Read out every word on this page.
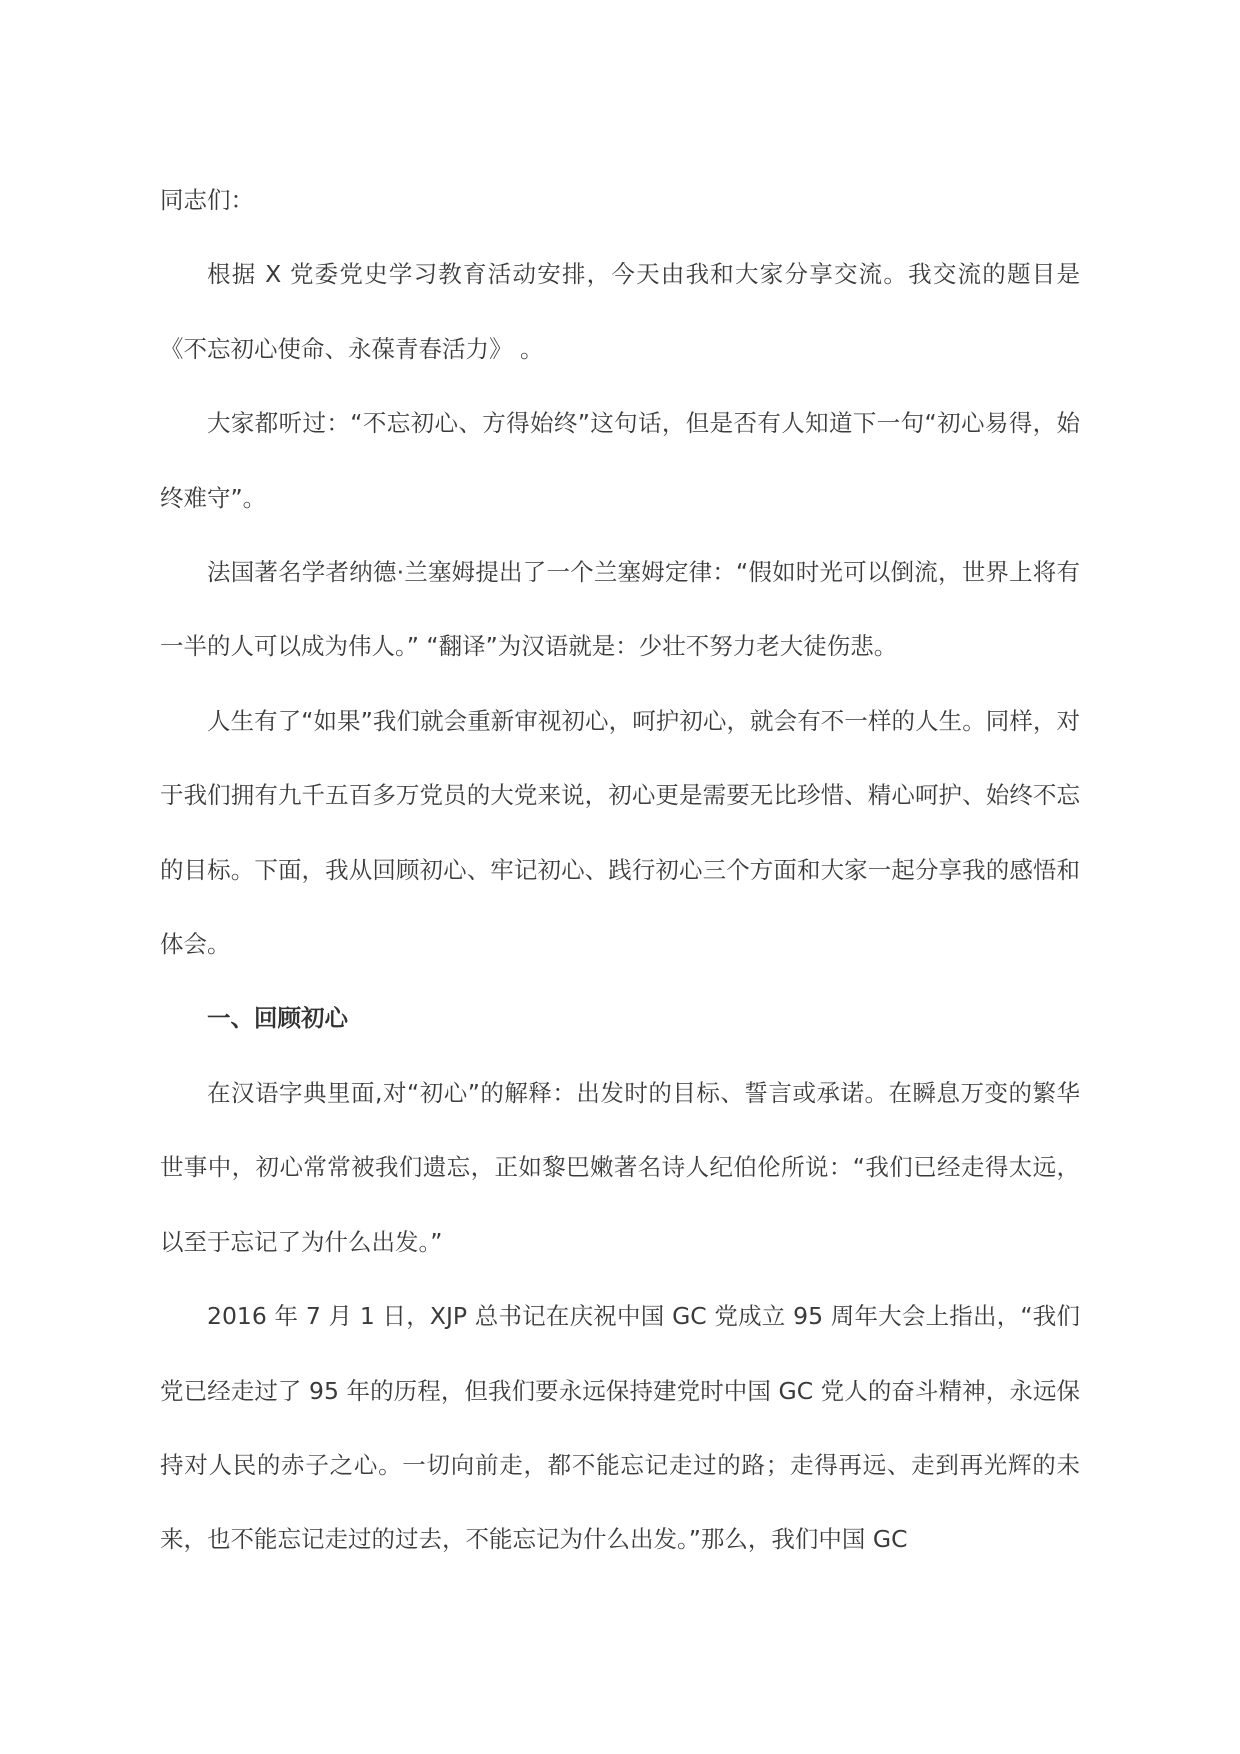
同志们：

根据 X 党委党史学习教育活动安排，今天由我和大家分享交流。我交流的题目是《不忘初心使命、永葆青春活力》 。

大家都听过：“不忘初心、方得始终”这句话，但是否有人知道下一句“初心易得，始终难守”。

法国著名学者纳德·兰塞姆提出了一个兰塞姆定律：“假如时光可以倒流，世界上将有一半的人可以成为伟人。” “翻译”为汉语就是：少壮不努力老大徒伤悲。

人生有了“如果”我们就会重新审视初心，呵护初心，就会有不一样的人生。同样，对于我们拥有九千五百多万党员的大党来说，初心更是需要无比珍惜、精心呵护、始终不忘的目标。下面，我从回顾初心、牢记初心、践行初心三个方面和大家一起分享我的感悟和体会。

一、回顾初心

在汉语字典里面,对“初心”的解释：出发时的目标、誓言或承诺。在瞬息万变的繁华世事中，初心常常被我们遗忘，正如黎巴嫩著名诗人纪伯伦所说：“我们已经走得太远，以至于忘记了为什么出发。”

2016 年 7 月 1 日，XJP 总书记在庆祝中国 GC 党成立 95 周年大会上指出，“我们党已经走过了 95 年的历程，但我们要永远保持建党时中国 GC 党人的奋斗精神，永远保持对人民的赤子之心。一切向前走，都不能忘记走过的路；走得再远、走到再光辉的未来，也不能忘记走过的过去，不能忘记为什么出发。”那么，我们中国 GC
